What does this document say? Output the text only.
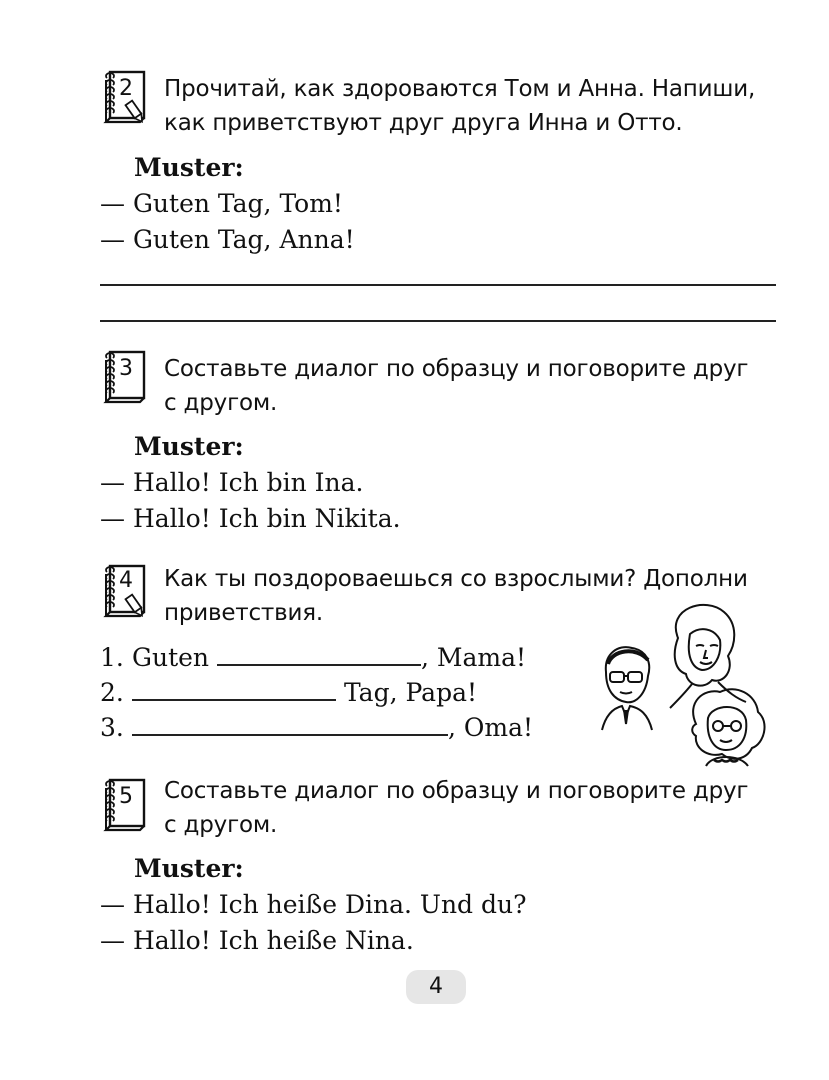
2	Прочитай, как здороваются Том и Анна. Напиши,
как приветствуют друг друга Инна и Отто.
Muster:
— Guten Tag, Tom!
— Guten Tag, Anna!
3	Составьте диалог по образцу и поговорите друг
с другом.
Muster:
— Hallo! Ich bin Ina.
— Hallo! Ich bin Nikita.
4	Как ты поздороваешься со взрослыми? Дополни
приветствия.
1. Guten	, Mama!
2.	Tag, Papa!
3.	, Oma!
5	Составьте диалог по образцу и поговорите друг
с другом.
Muster:
— Hallo! Ich heiße Dina. Und du?
— Hallo! Ich heiße Nina.
4
